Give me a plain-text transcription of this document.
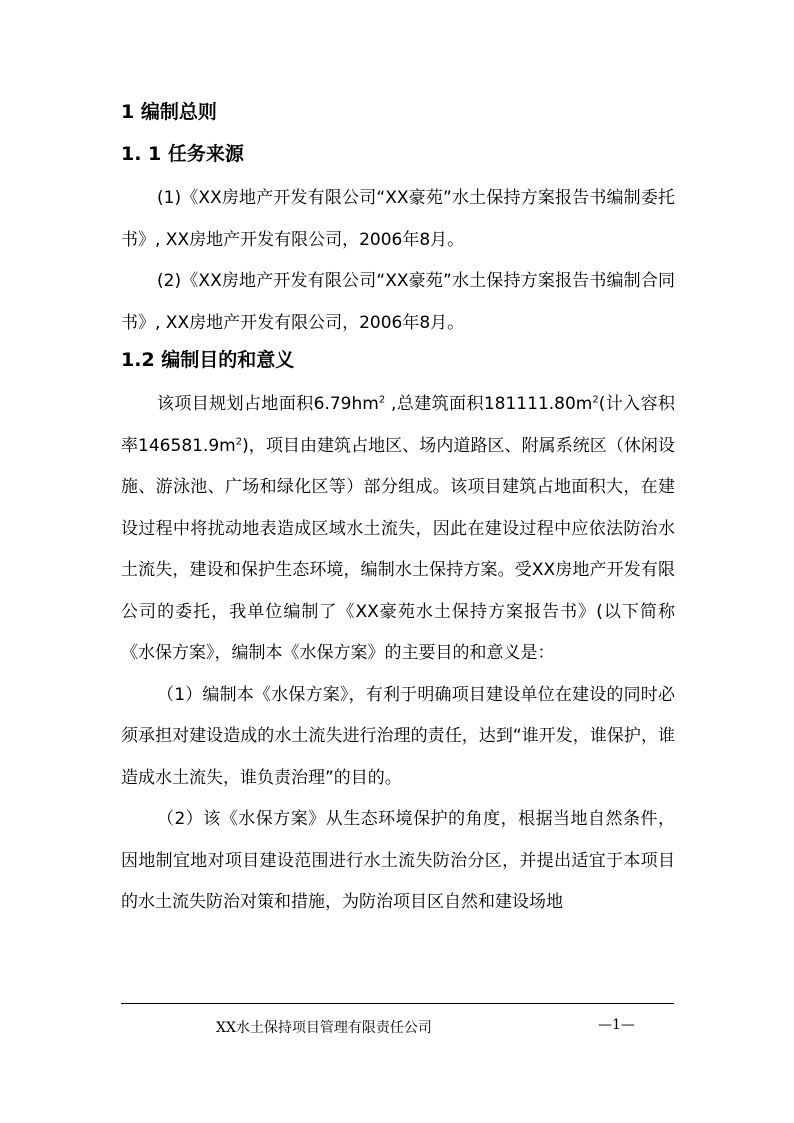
1 编制总则
1. 1 任务来源

(1)《XX房地产开发有限公司“XX豪苑”水土保持方案报告书编制委托书》, XX房地产开发有限公司，2006年8月。

(2)《XX房地产开发有限公司“XX豪苑”水土保持方案报告书编制合同书》, XX房地产开发有限公司，2006年8月。

1.2 编制目的和意义

该项目规划占地面积$6.79hm^2$ ,总建筑面积$181111.80m^2$(计入容积率$146581.9m^2$)，项目由建筑占地区、场内道路区、附属系统区（休闲设施、游泳池、广场和绿化区等）部分组成。该项目建筑占地面积大，在建设过程中将扰动地表造成区域水土流失，因此在建设过程中应依法防治水土流失，建设和保护生态环境，编制水土保持方案。受XX房地产开发有限公司的委托，我单位编制了《XX豪苑水土保持方案报告书》(以下简称《水保方案》，编制本《水保方案》的主要目的和意义是：

（1）编制本《水保方案》，有利于明确项目建设单位在建设的同时必须承担对建设造成的水土流失进行治理的责任，达到“谁开发，谁保护，谁造成水土流失，谁负责治理”的目的。

（2）该《水保方案》从生态环境保护的角度，根据当地自然条件，因地制宜地对项目建设范围进行水土流失防治分区，并提出适宜于本项目的水土流失防治对策和措施，为防治项目区自然和建设场地

XX水土保持项目管理有限责任公司	—1—
